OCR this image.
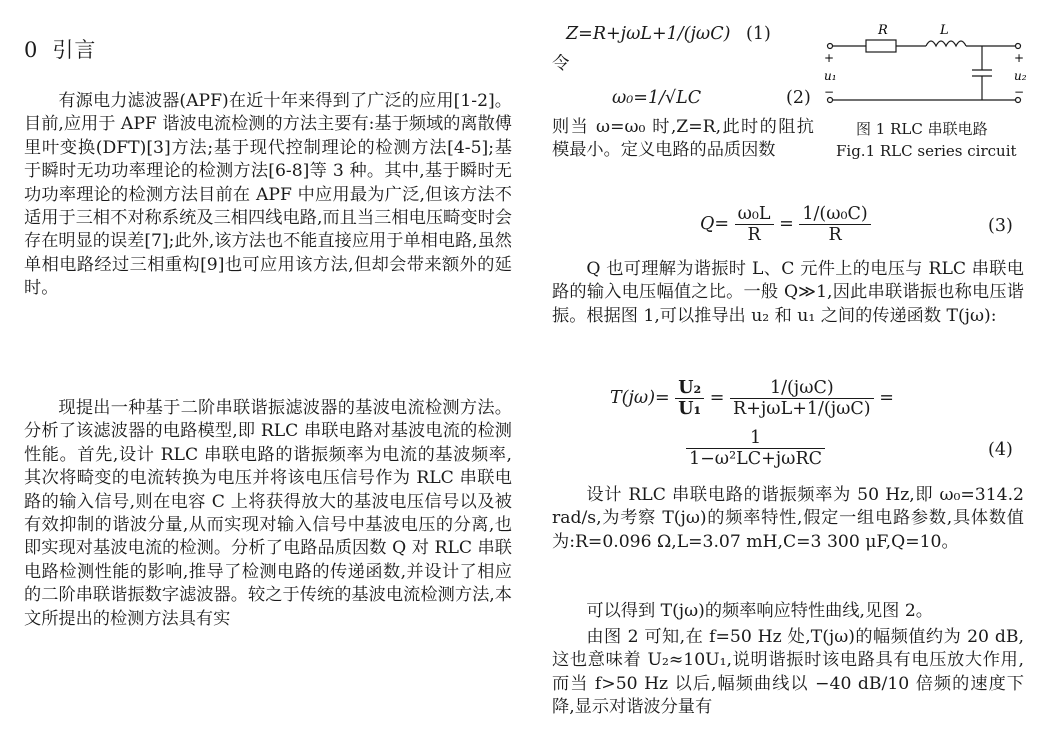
0 引言

有源电力滤波器(APF)在近十年来得到了广泛的应用[1-2]。目前,应用于 APF 谐波电流检测的方法主要有:基于频域的离散傅里叶变换(DFT)[3]方法;基于现代控制理论的检测方法[4-5];基于瞬时无功功率理论的检测方法[6-8]等 3 种。其中,基于瞬时无功功率理论的检测方法目前在 APF 中应用最为广泛,但该方法不适用于三相不对称系统及三相四线电路,而且当三相电压畸变时会存在明显的误差[7];此外,该方法也不能直接应用于单相电路,虽然单相电路经过三相重构[9]也可应用该方法,但却会带来额外的延时。

现提出一种基于二阶串联谐振滤波器的基波电流检测方法。分析了该滤波器的电路模型,即 RLC 串联电路对基波电流的检测性能。首先,设计 RLC 串联电路的谐振频率为电流的基波频率,其次将畸变的电流转换为电压并将该电压信号作为 RLC 串联电路的输入信号,则在电容 C 上将获得放大的基波电压信号以及被有效抑制的谐波分量,从而实现对输入信号中基波电压的分离,也即实现对基波电流的检测。分析了电路品质因数 Q 对 RLC 串联电路检测性能的影响,推导了检测电路的传递函数,并设计了相应的二阶串联谐振数字滤波器。较之于传统的基波电流检测方法,本文所提出的检测方法具有实

Z=R+jωL+1/(jωC) (1)
令
ω₀=1/√LC	(2)

则当 ω=ω₀ 时,Z=R,此时的阻抗模最小。定义电路的品质因数

$Q= \frac{\text{ω₀L}}{R} = \frac{\text{1/(ω₀C)}}{R}$	(3)

Q 也可理解为谐振时 L、C 元件上的电压与 RLC 串联电路的输入电压幅值之比。一般 Q≫1,因此串联谐振也称电压谐振。根据图 1,可以推导出 u₂ 和 u₁ 之间的传递函数 T(jω):

$T(j\omega)= \frac{\text{U₂}}{\text{U₁}} = \frac{\text{1/(jωC)}}{\text{R+jωL+1/(jωC)}}$ =
$\frac{1}{\text{1−ω²LC+jωRC}}$	(4)

设计 RLC 串联电路的谐振频率为 50 Hz,即 ω₀=314.2 rad/s,为考察 T(jω)的频率特性,假定一组电路参数,具体数值为:R=0.096 Ω,L=3.07 mH,C=3 300 μF,Q=10。

可以得到 T(jω)的频率响应特性曲线,见图 2。

由图 2 可知,在 f=50 Hz 处,T(jω)的幅频值约为 20 dB,这也意味着 U₂≈10U₁,说明谐振时该电路具有电压放大作用,而当 f>50 Hz 以后,幅频曲线以 −40 dB/10 倍频的速度下降,显示对谐波分量有

R	L
+
u₁
−
+
u₂
−
图 1 RLC 串联电路
Fig.1 RLC series circuit
